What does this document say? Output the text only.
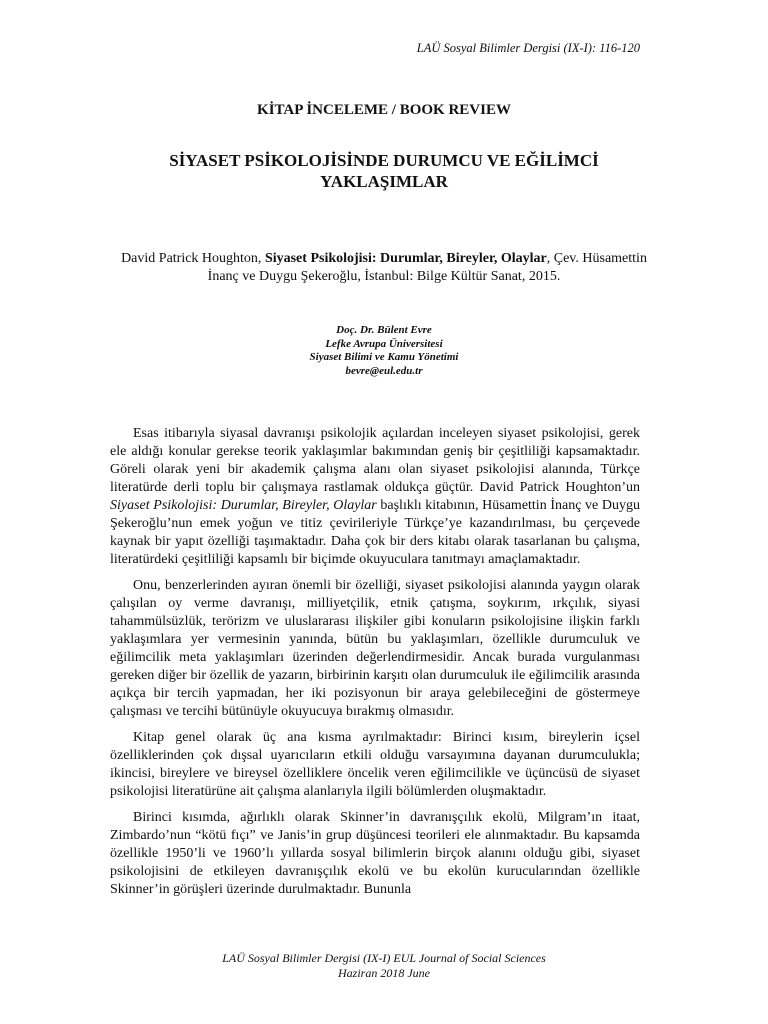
LAÜ Sosyal Bilimler Dergisi (IX-I): 116-120
KİTAP İNCELEME / BOOK REVIEW
SİYASET PSİKOLOJİSİNDE DURUMCU VE EĞİLİMCİ
YAKLAŞIMLAR
David Patrick Houghton, Siyaset Psikolojisi: Durumlar, Bireyler, Olaylar, Çev. Hüsamettin İnanç ve Duygu Şekeroğlu, İstanbul: Bilge Kültür Sanat, 2015.
Doç. Dr. Bülent Evre
Lefke Avrupa Üniversitesi
Siyaset Bilimi ve Kamu Yönetimi
bevre@eul.edu.tr

Esas itibarıyla siyasal davranışı psikolojik açılardan inceleyen siyaset psikolojisi, gerek ele aldığı konular gerekse teorik yaklaşımlar bakımından geniş bir çeşitliliği kapsamaktadır. Göreli olarak yeni bir akademik çalışma alanı olan siyaset psikolojisi alanında, Türkçe literatürde derli toplu bir çalışmaya rastlamak oldukça güçtür. David Patrick Houghton’un Siyaset Psikolojisi: Durumlar, Bireyler, Olaylar başlıklı kitabının, Hüsamettin İnanç ve Duygu Şekeroğlu’nun emek yoğun ve titiz çevirileriyle Türkçe’ye kazandırılması, bu çerçevede kaynak bir yapıt özelliği taşımaktadır. Daha çok bir ders kitabı olarak tasarlanan bu çalışma, literatürdeki çeşitliliği kapsamlı bir biçimde okuyuculara tanıtmayı amaçlamaktadır.

Onu, benzerlerinden ayıran önemli bir özelliği, siyaset psikolojisi alanında yaygın olarak çalışılan oy verme davranışı, milliyetçilik, etnik çatışma, soykırım, ırkçılık, siyasi tahammülsüzlük, terörizm ve uluslararası ilişkiler gibi konuların psikolojisine ilişkin farklı yaklaşımlara yer vermesinin yanında, bütün bu yaklaşımları, özellikle durumculuk ve eğilimcilik meta yaklaşımları üzerinden değerlendirmesidir. Ancak burada vurgulanması gereken diğer bir özellik de yazarın, birbirinin karşıtı olan durumculuk ile eğilimcilik arasında açıkça bir tercih yapmadan, her iki pozisyonun bir araya gelebileceğini de göstermeye çalışması ve tercihi bütünüyle okuyucuya bırakmış olmasıdır.

Kitap genel olarak üç ana kısma ayrılmaktadır: Birinci kısım, bireylerin içsel özelliklerinden çok dışsal uyarıcıların etkili olduğu varsayımına dayanan durumculukla; ikincisi, bireylere ve bireysel özelliklere öncelik veren eğilimcilikle ve üçüncüsü de siyaset psikolojisi literatürüne ait çalışma alanlarıyla ilgili bölümlerden oluşmaktadır.

Birinci kısımda, ağırlıklı olarak Skinner’in davranışçılık ekolü, Milgram’ın itaat, Zimbardo’nun “kötü fıçı” ve Janis’in grup düşüncesi teorileri ele alınmaktadır. Bu kapsamda özellikle 1950’li ve 1960’lı yıllarda sosyal bilimlerin birçok alanını olduğu gibi, siyaset psikolojisini de etkileyen davranışçılık ekolü ve bu ekolün kurucularından özellikle Skinner’in görüşleri üzerinde durulmaktadır. Bununla

LAÜ Sosyal Bilimler Dergisi (IX-I) EUL Journal of Social Sciences
Haziran 2018 June
